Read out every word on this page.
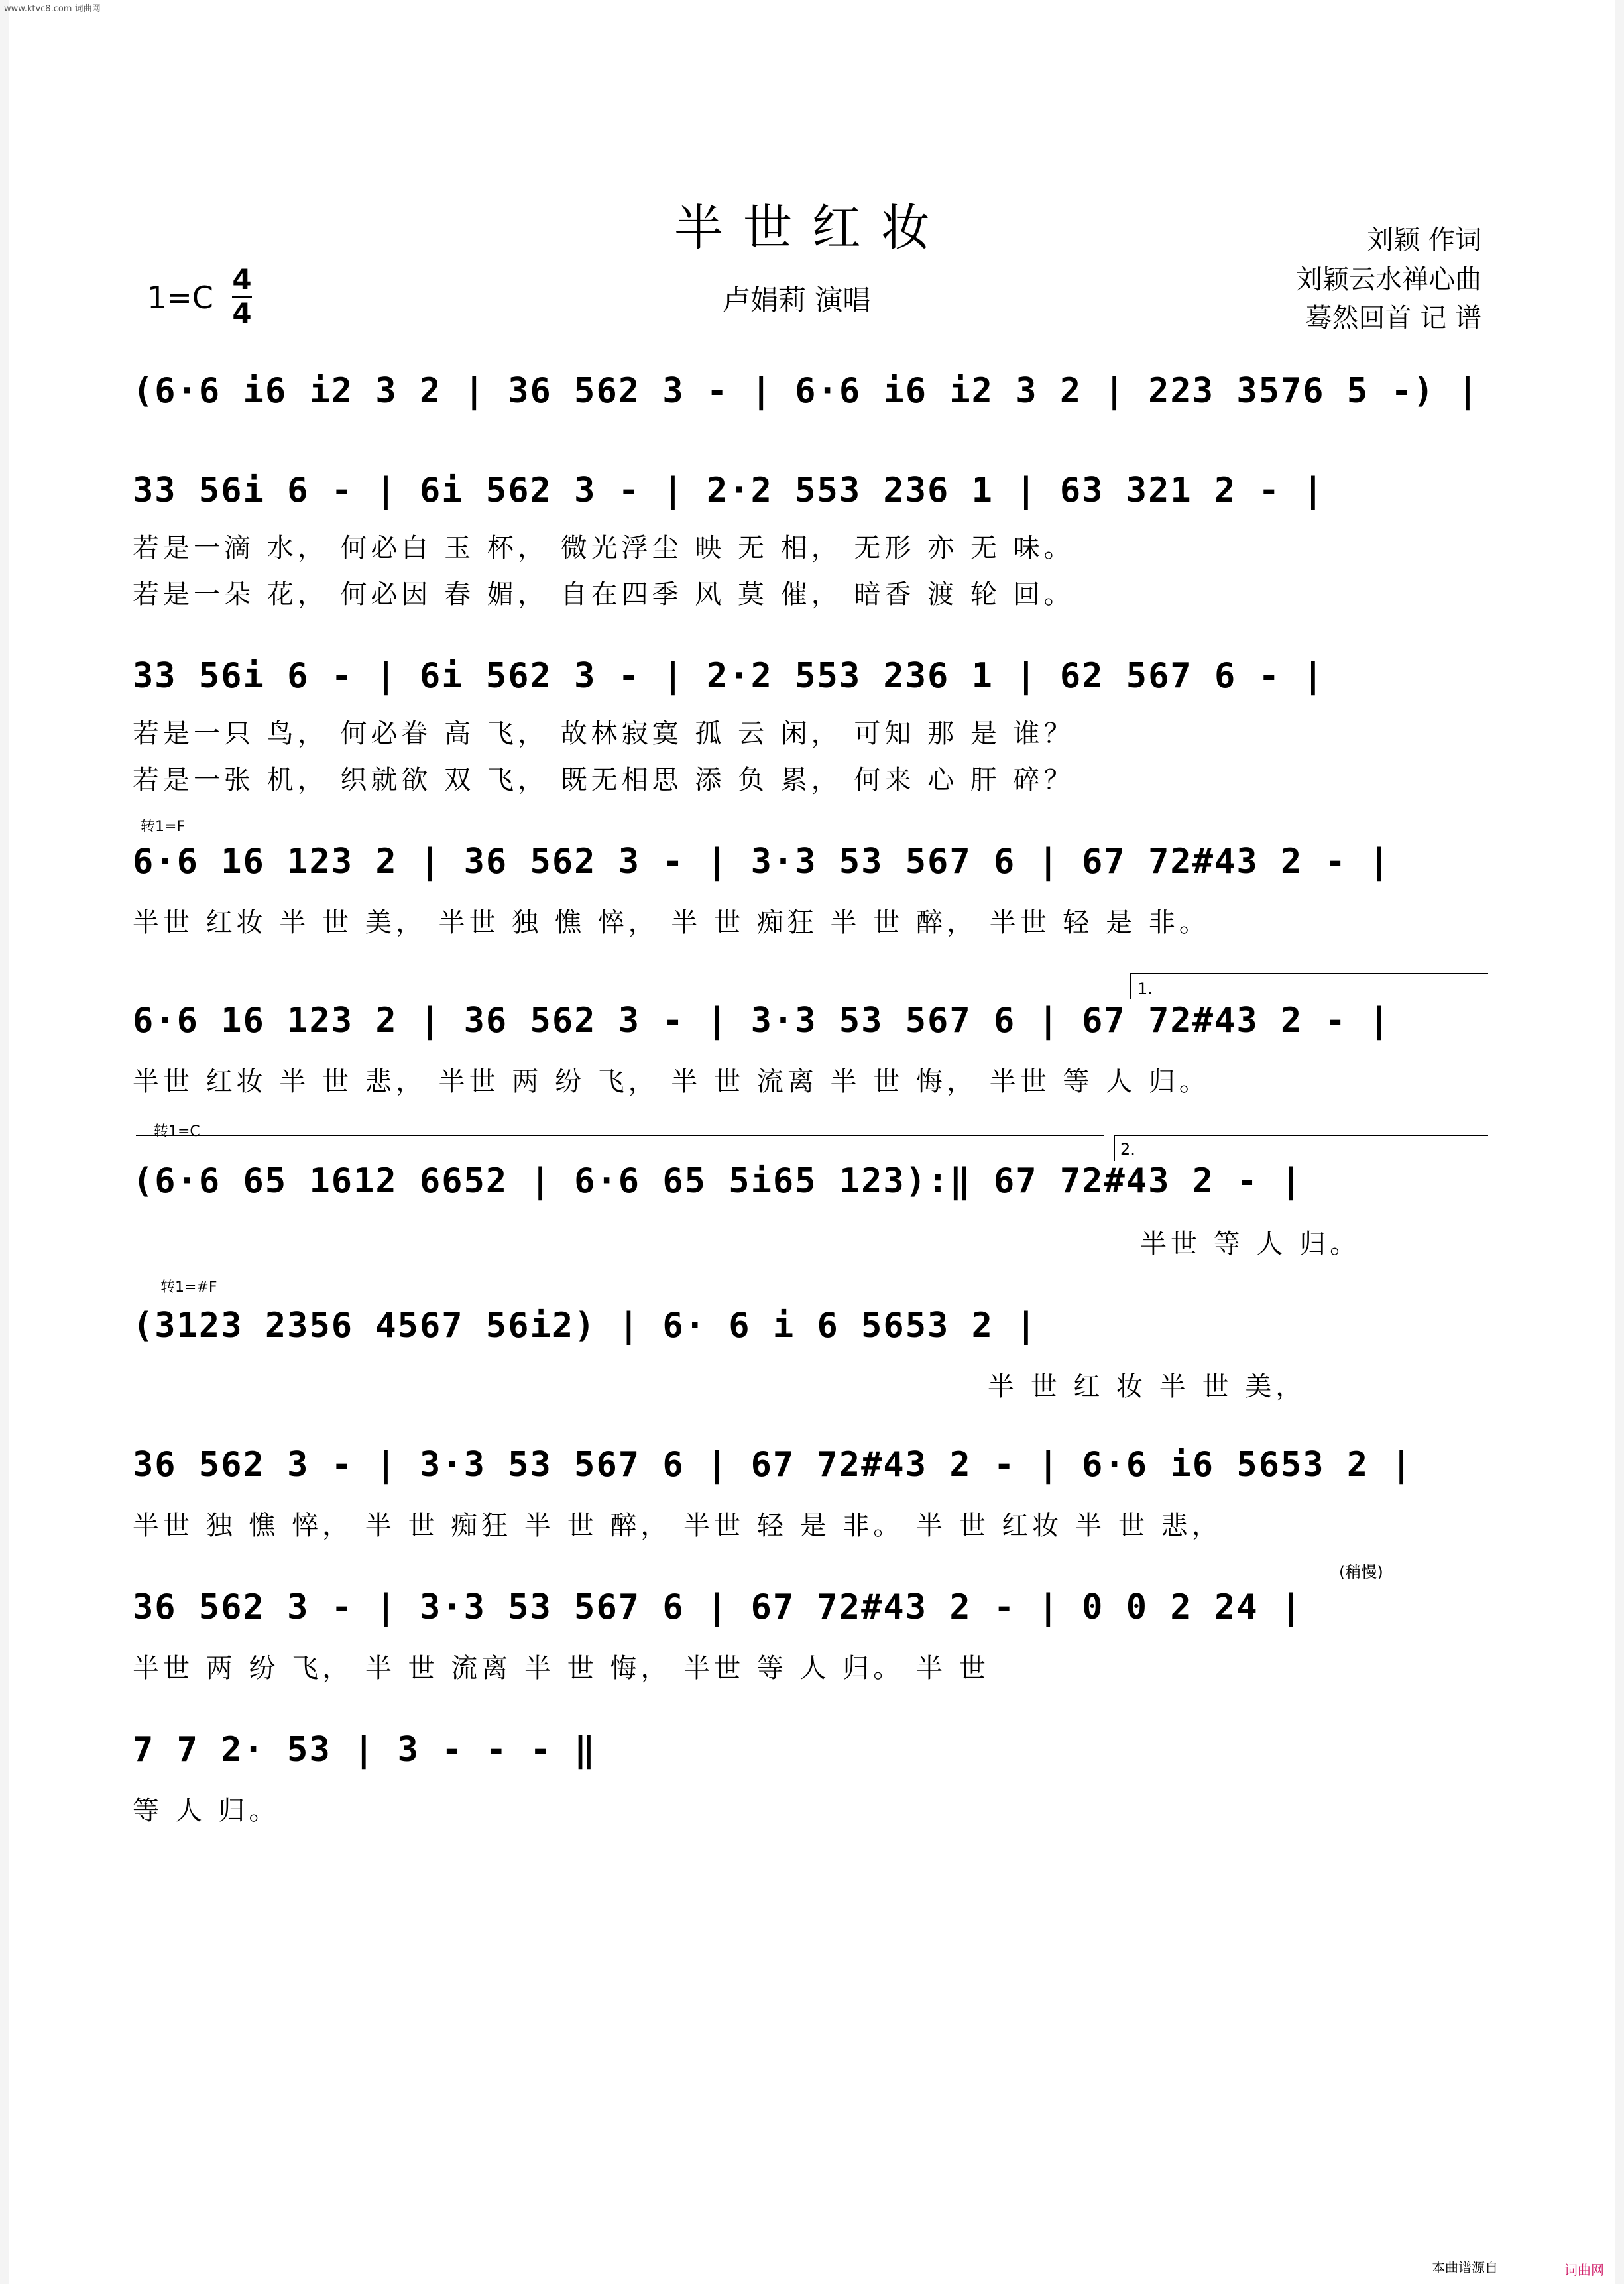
www.ktvc8.com 词曲网
半世红妆
卢娟莉 演唱
刘颖 作词
刘颖云水禅心曲
蓦然回首 记 谱
1=C
4
4
(6·6 i6 i2 3 2 | 36 562 3 - | 6·6 i6 i2 3 2 | 223 3576 5 -) |
33 56i 6 - | 6i 562 3 - | 2·2 553 236 1 | 63 321 2 - |
若是一滴 水， 何必白 玉 杯， 微光浮尘 映 无 相， 无形 亦 无 味。
若是一朵 花， 何必因 春 媚， 自在四季 风 莫 催， 暗香 渡 轮 回。
33 56i 6 - | 6i 562 3 - | 2·2 553 236 1 | 62 567 6 - |
若是一只 鸟， 何必眷 高 飞， 故林寂寞 孤 云 闲， 可知 那 是 谁？
若是一张 机， 织就欲 双 飞， 既无相思 添 负 累， 何来 心 肝 碎？
转1=F
6·6 16 123 2 | 36 562 3 - | 3·3 53 567 6 | 67 72#43 2 - |
半世 红妆 半 世 美， 半世 独 憔 悴， 半 世 痴狂 半 世 醉， 半世 轻 是 非。
1.
6·6 16 123 2 | 36 562 3 - | 3·3 53 567 6 | 67 72#43 2 - |
半世 红妆 半 世 悲， 半世 两 纷 飞， 半 世 流离 半 世 悔， 半世 等 人 归。
转1=C
2.
(6·6 65 1612 6652 | 6·6 65 5i65 123):‖ 67 72#43 2 - |
半世 等 人 归。
转1=#F
(3123 2356 4567 56i2) | 6· 6 i 6 5653 2 |
半 世 红 妆 半 世 美，
36 562 3 - | 3·3 53 567 6 | 67 72#43 2 - | 6·6 i6 5653 2 |
半世 独 憔 悴， 半 世 痴狂 半 世 醉， 半世 轻 是 非。 半 世 红妆 半 世 悲，
(稍慢)
36 562 3 - | 3·3 53 567 6 | 67 72#43 2 - | 0 0 2 24 |
半世 两 纷 飞， 半 世 流离 半 世 悔， 半世 等 人 归。 半 世
7 7 2· 53 | 3 - - - ‖
等 人 归。
本曲谱源自	词曲网
